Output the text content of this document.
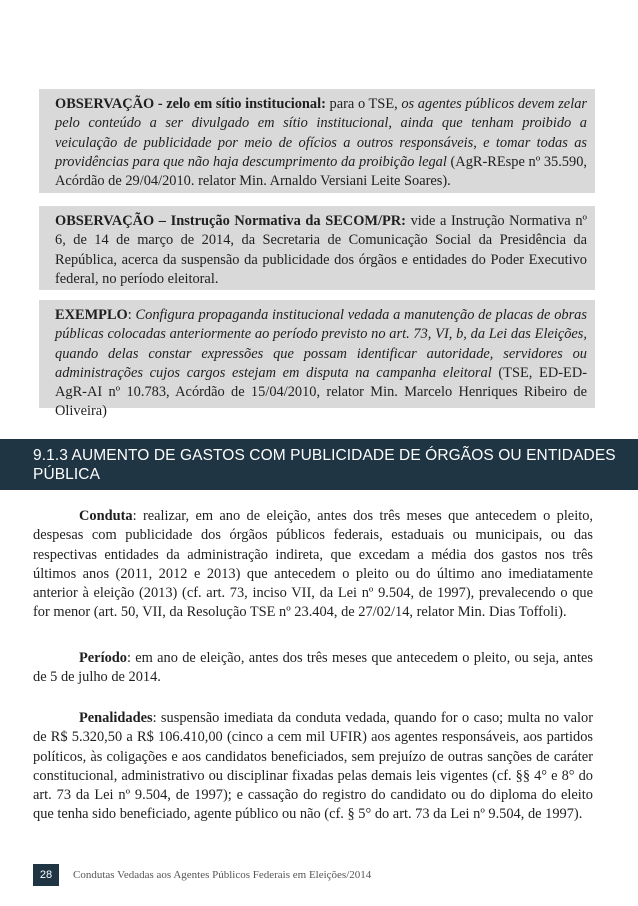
OBSERVAÇÃO - zelo em sítio institucional: para o TSE, os agentes públicos devem zelar pelo conteúdo a ser divulgado em sítio institucional, ainda que tenham proibido a veiculação de publicidade por meio de ofícios a outros responsáveis, e tomar todas as providências para que não haja descumprimento da proibição legal (AgR-REspe nº 35.590, Acórdão de 29/04/2010. relator Min. Arnaldo Versiani Leite Soares).
OBSERVAÇÃO – Instrução Normativa da SECOM/PR: vide a Instrução Normativa nº 6, de 14 de março de 2014, da Secretaria de Comunicação Social da Presidência da República, acerca da suspensão da publicidade dos órgãos e entidades do Poder Executivo federal, no período eleitoral.
EXEMPLO: Configura propaganda institucional vedada a manutenção de placas de obras públicas colocadas anteriormente ao período previsto no art. 73, VI, b, da Lei das Eleições, quando delas constar expressões que possam identificar autoridade, servidores ou administrações cujos cargos estejam em disputa na campanha eleitoral (TSE, ED-ED-AgR-AI nº 10.783, Acórdão de 15/04/2010, relator Min. Marcelo Henriques Ribeiro de Oliveira)
9.1.3 AUMENTO DE GASTOS COM PUBLICIDADE DE ÓRGÃOS OU ENTIDADES PÚBLICA

Conduta: realizar, em ano de eleição, antes dos três meses que antecedem o pleito, despesas com publicidade dos órgãos públicos federais, estaduais ou municipais, ou das respectivas entidades da administração indireta, que excedam a média dos gastos nos três últimos anos (2011, 2012 e 2013) que antecedem o pleito ou do último ano imediatamente anterior à eleição (2013) (cf. art. 73, inciso VII, da Lei nº 9.504, de 1997), prevalecendo o que for menor (art. 50, VII, da Resolução TSE nº 23.404, de 27/02/14, relator Min. Dias Toffoli).

Período: em ano de eleição, antes dos três meses que antecedem o pleito, ou seja, antes de 5 de julho de 2014.

Penalidades: suspensão imediata da conduta vedada, quando for o caso; multa no valor de R$ 5.320,50 a R$ 106.410,00 (cinco a cem mil UFIR) aos agentes responsáveis, aos partidos políticos, às coligações e aos candidatos beneficiados, sem prejuízo de outras sanções de caráter constitucional, administrativo ou disciplinar fixadas pelas demais leis vigentes (cf. §§ 4° e 8° do art. 73 da Lei nº 9.504, de 1997); e cassação do registro do candidato ou do diploma do eleito que tenha sido beneficiado, agente público ou não (cf. § 5° do art. 73 da Lei nº 9.504, de 1997).

28	Condutas Vedadas aos Agentes Públicos Federais em Eleições/2014
